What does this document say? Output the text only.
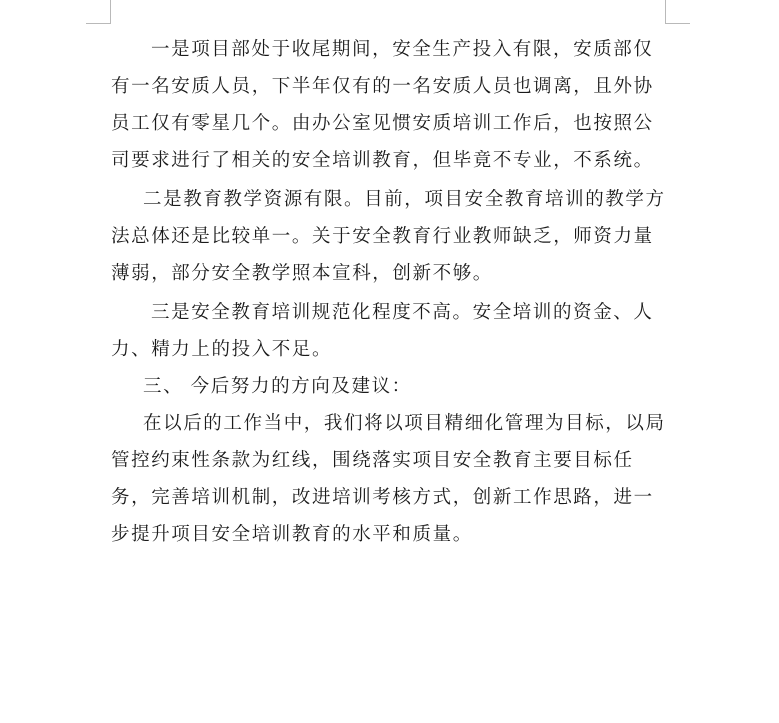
一是项目部处于收尾期间，安全生产投入有限，安质部仅有一名安质人员，下半年仅有的一名安质人员也调离，且外协员工仅有零星几个。由办公室见惯安质培训工作后，也按照公司要求进行了相关的安全培训教育，但毕竟不专业，不系统。

二是教育教学资源有限。目前，项目安全教育培训的教学方法总体还是比较单一。关于安全教育行业教师缺乏，师资力量薄弱，部分安全教学照本宣科，创新不够。

三是安全教育培训规范化程度不高。安全培训的资金、人力、精力上的投入不足。

三、 今后努力的方向及建议：

在以后的工作当中，我们将以项目精细化管理为目标，以局管控约束性条款为红线，围绕落实项目安全教育主要目标任务，完善培训机制，改进培训考核方式，创新工作思路，进一步提升项目安全培训教育的水平和质量。
